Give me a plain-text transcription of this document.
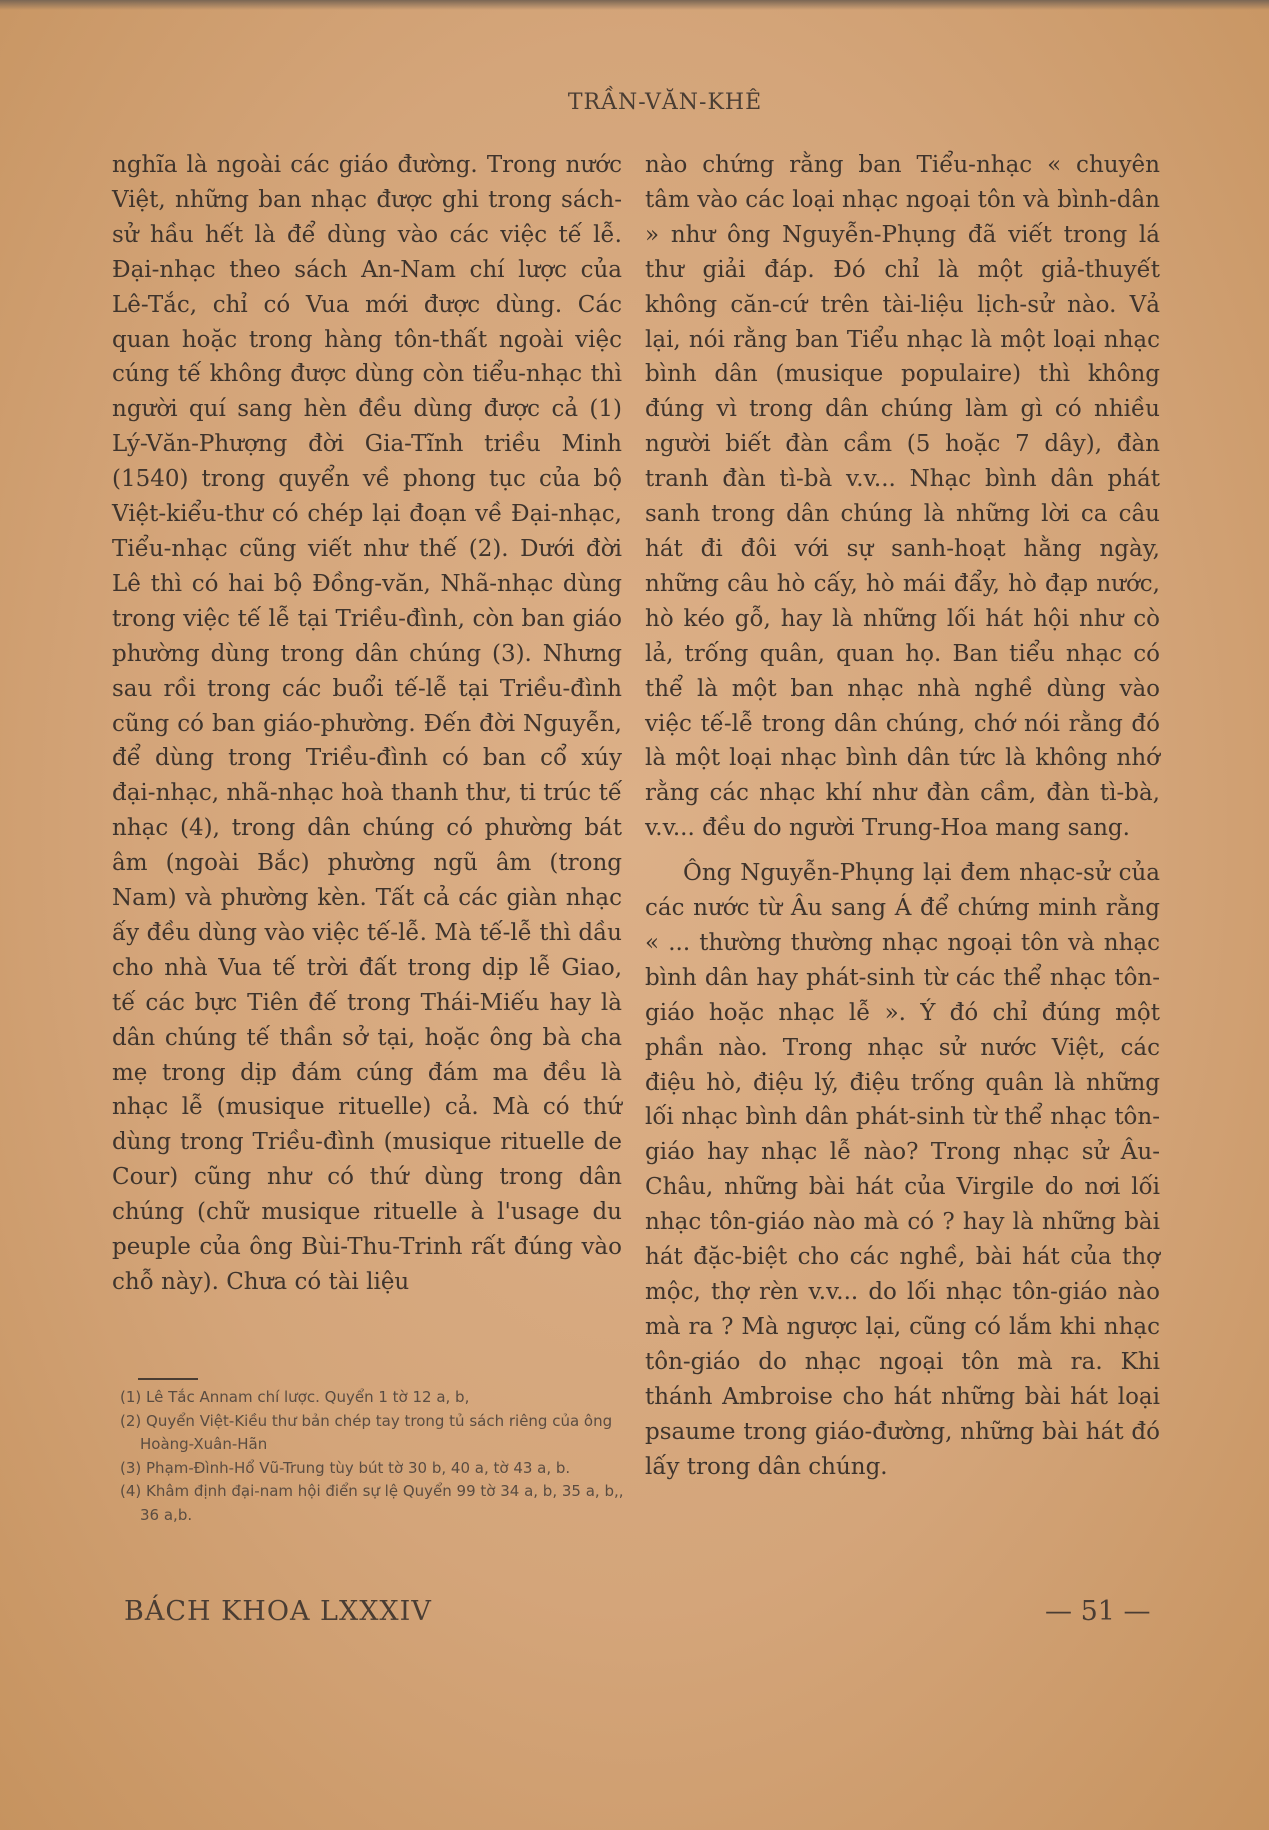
TRẦN-VĂN-KHÊ

nghĩa là ngoài các giáo đường. Trong nước Việt, những ban nhạc được ghi trong sách-sử hầu hết là để dùng vào các việc tế lễ. Đại-nhạc theo sách An-Nam chí lược của Lê-Tắc, chỉ có Vua mới được dùng. Các quan hoặc trong hàng tôn-thất ngoài việc cúng tế không được dùng còn tiểu-nhạc thì người quí sang hèn đều dùng được cả (1) Lý-Văn-Phượng đời Gia-Tĩnh triều Minh (1540) trong quyển về phong tục của bộ Việt-kiểu-thư có chép lại đoạn về Đại-nhạc, Tiểu-nhạc cũng viết như thế (2). Dưới đời Lê thì có hai bộ Đồng-văn, Nhã-nhạc dùng trong việc tế lễ tại Triều-đình, còn ban giáo phường dùng trong dân chúng (3). Nhưng sau rồi trong các buổi tế-lễ tại Triều-đình cũng có ban giáo-phường. Đến đời Nguyễn, để dùng trong Triều-đình có ban cổ xúy đại-nhạc, nhã-nhạc hoà thanh thư, ti trúc tế nhạc (4), trong dân chúng có phường bát âm (ngoài Bắc) phường ngũ âm (trong Nam) và phường kèn. Tất cả các giàn nhạc ấy đều dùng vào việc tế-lễ. Mà tế-lễ thì dầu cho nhà Vua tế trời đất trong dịp lễ Giao, tế các bực Tiên đế trong Thái-Miếu hay là dân chúng tế thần sở tại, hoặc ông bà cha mẹ trong dịp đám cúng đám ma đều là nhạc lễ (musique rituelle) cả. Mà có thứ dùng trong Triều-đình (musique rituelle de Cour) cũng như có thứ dùng trong dân chúng (chữ musique rituelle à l'usage du peuple của ông Bùi-Thu-Trinh rất đúng vào chỗ này). Chưa có tài liệu

nào chứng rằng ban Tiểu-nhạc « chuyên tâm vào các loại nhạc ngoại tôn và bình-dân » như ông Nguyễn-Phụng đã viết trong lá thư giải đáp. Đó chỉ là một giả-thuyết không căn-cứ trên tài-liệu lịch-sử nào. Vả lại, nói rằng ban Tiểu nhạc là một loại nhạc bình dân (musique populaire) thì không đúng vì trong dân chúng làm gì có nhiều người biết đàn cầm (5 hoặc 7 dây), đàn tranh đàn tì-bà v.v... Nhạc bình dân phát sanh trong dân chúng là những lời ca câu hát đi đôi với sự sanh-hoạt hằng ngày, những câu hò cấy, hò mái đẩy, hò đạp nước, hò kéo gỗ, hay là những lối hát hội như cò lả, trống quân, quan họ. Ban tiểu nhạc có thể là một ban nhạc nhà nghề dùng vào việc tế-lễ trong dân chúng, chớ nói rằng đó là một loại nhạc bình dân tức là không nhớ rằng các nhạc khí như đàn cầm, đàn tì-bà, v.v... đều do người Trung-Hoa mang sang.

Ông Nguyễn-Phụng lại đem nhạc-sử của các nước từ Âu sang Á để chứng minh rằng « ... thường thường nhạc ngoại tôn và nhạc bình dân hay phát-sinh từ các thể nhạc tôn-giáo hoặc nhạc lễ ». Ý đó chỉ đúng một phần nào. Trong nhạc sử nước Việt, các điệu hò, điệu lý, điệu trống quân là những lối nhạc bình dân phát-sinh từ thể nhạc tôn-giáo hay nhạc lễ nào? Trong nhạc sử Âu-Châu, những bài hát của Virgile do nơi lối nhạc tôn-giáo nào mà có ? hay là những bài hát đặc-biệt cho các nghề, bài hát của thợ mộc, thợ rèn v.v... do lối nhạc tôn-giáo nào mà ra ? Mà ngược lại, cũng có lắm khi nhạc tôn-giáo do nhạc ngoại tôn mà ra. Khi thánh Ambroise cho hát những bài hát loại psaume trong giáo-đường, những bài hát đó lấy trong dân chúng.

(1) Lê Tắc Annam chí lược. Quyển 1 tờ 12 a, b,

(2) Quyển Việt-Kiều thư bản chép tay trong tủ sách riêng của ông Hoàng-Xuân-Hãn

(3) Phạm-Đình-Hổ Vũ-Trung tùy bút tờ 30 b, 40 a, tờ 43 a, b.

(4) Khâm định đại-nam hội điển sự lệ Quyển 99 tờ 34 a, b, 35 a, b,, 36 a,b.

BÁCH KHOA LXXXIV	— 51 —
